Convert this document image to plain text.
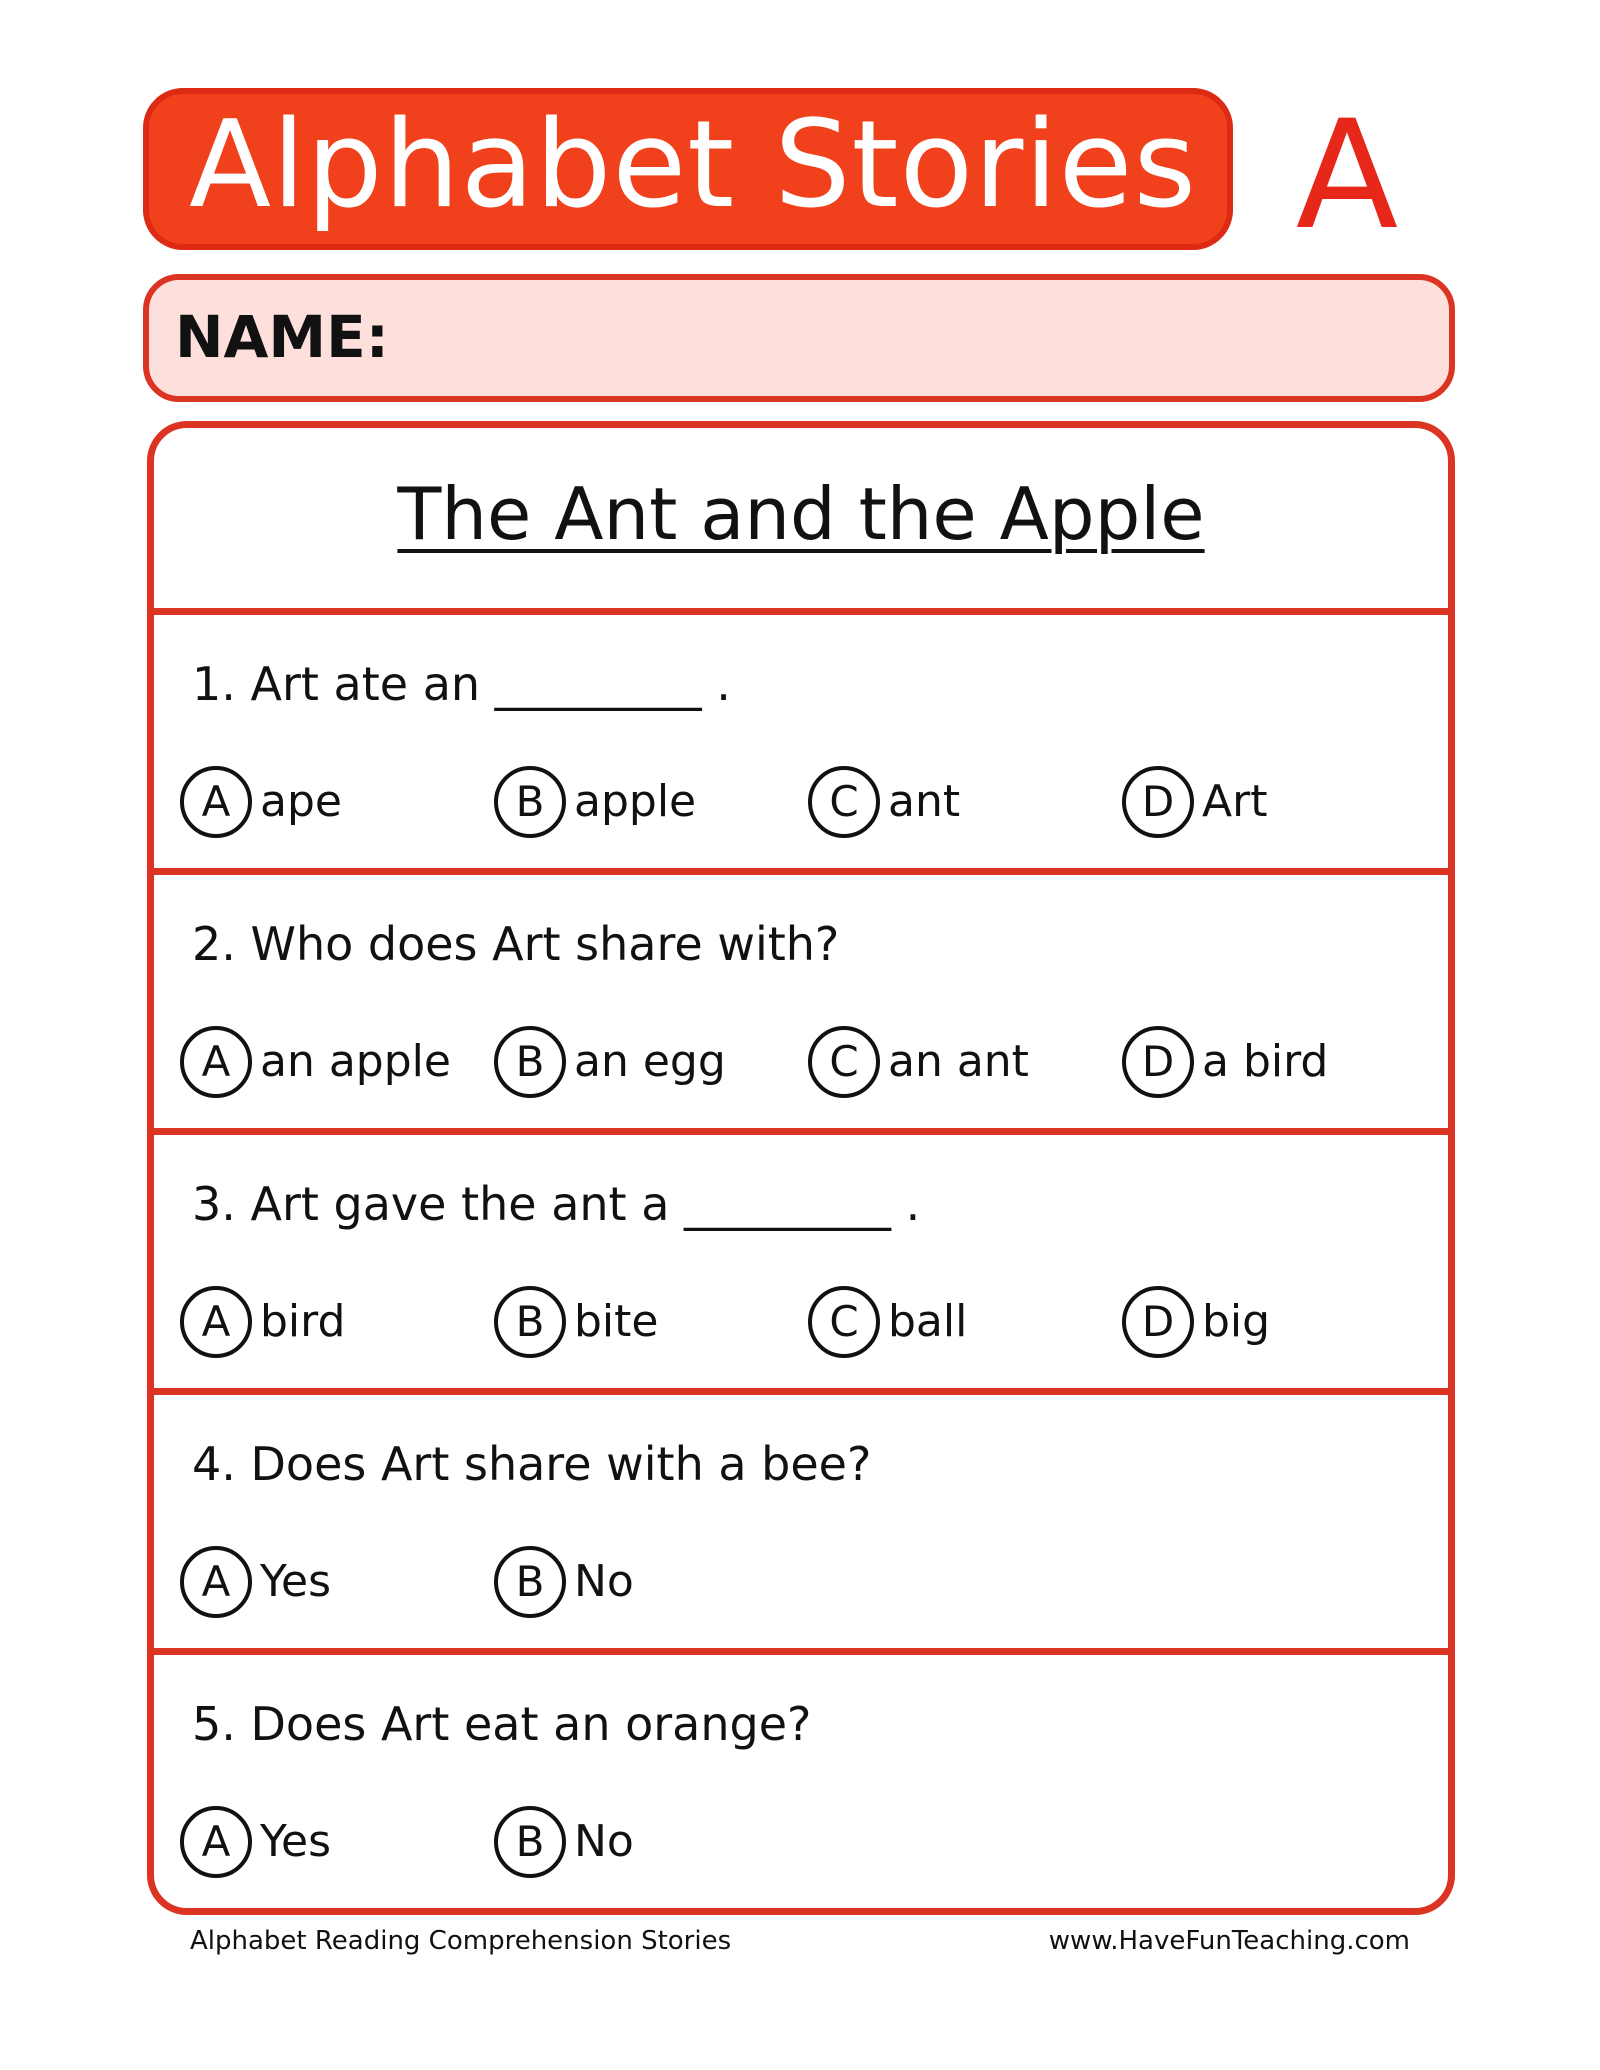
Alphabet Stories A
NAME:
The Ant and the Apple
1. Art ate an _________ .
A ape	B apple	C ant	D Art
2. Who does Art share with?
A an apple	B an egg	C an ant	D a bird
3. Art gave the ant a _________ .
A bird	B bite	C ball	D big
4. Does Art share with a bee?
A Yes	B No
5. Does Art eat an orange?
A Yes	B No
Alphabet Reading Comprehension Stories	www.HaveFunTeaching.com
